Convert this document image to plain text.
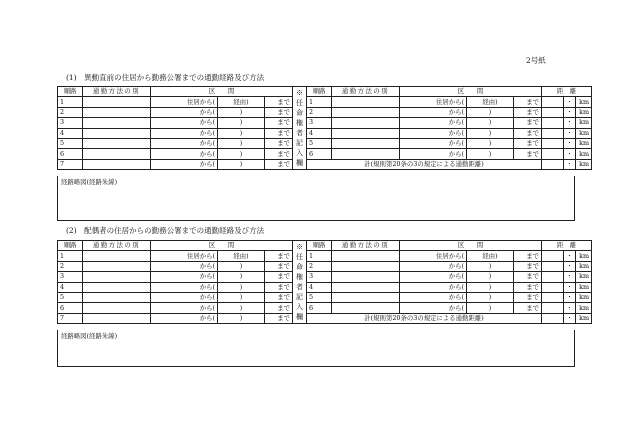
2号紙
(1)　異動直前の住居から勤務公署までの通勤経路及び方法
順路	通勤方法の別	区　　間			※任命権者記入欄	順路	通勤方法の別	区　　間			距　離		
1		住居から(	経由)	まで		1		住居から(	経由)	まで		・	km
2		から(	)	まで		2		から(	)	まで		・	km
3		から(	)	まで		3		から(	)	まで		・	km
4		から(	)	まで		4		から(	)	まで		・	km
5		から(	)	まで		5		から(	)	まで		・	km
6		から(	)	まで		6		から(	)	まで		・	km
7		から(	)	まで		計(規則第20条の3の規定による通勤距離)						・	km
経路略図(経路朱線)
(2)　配偶者の住居からの勤務公署までの通勤経路及び方法
順路	通勤方法の別	区　　間			※任命権者記入欄	順路	通勤方法の別	区　　間			距　離		
1		住居から(	経由)	まで		1		住居から(	経由)	まで		・	km
2		から(	)	まで		2		から(	)	まで		・	km
3		から(	)	まで		3		から(	)	まで		・	km
4		から(	)	まで		4		から(	)	まで		・	km
5		から(	)	まで		5		から(	)	まで		・	km
6		から(	)	まで		6		から(	)	まで		・	km
7		から(	)	まで		計(規則第20条の3の規定による通勤距離)						・	km
経路略図(経路朱線)
